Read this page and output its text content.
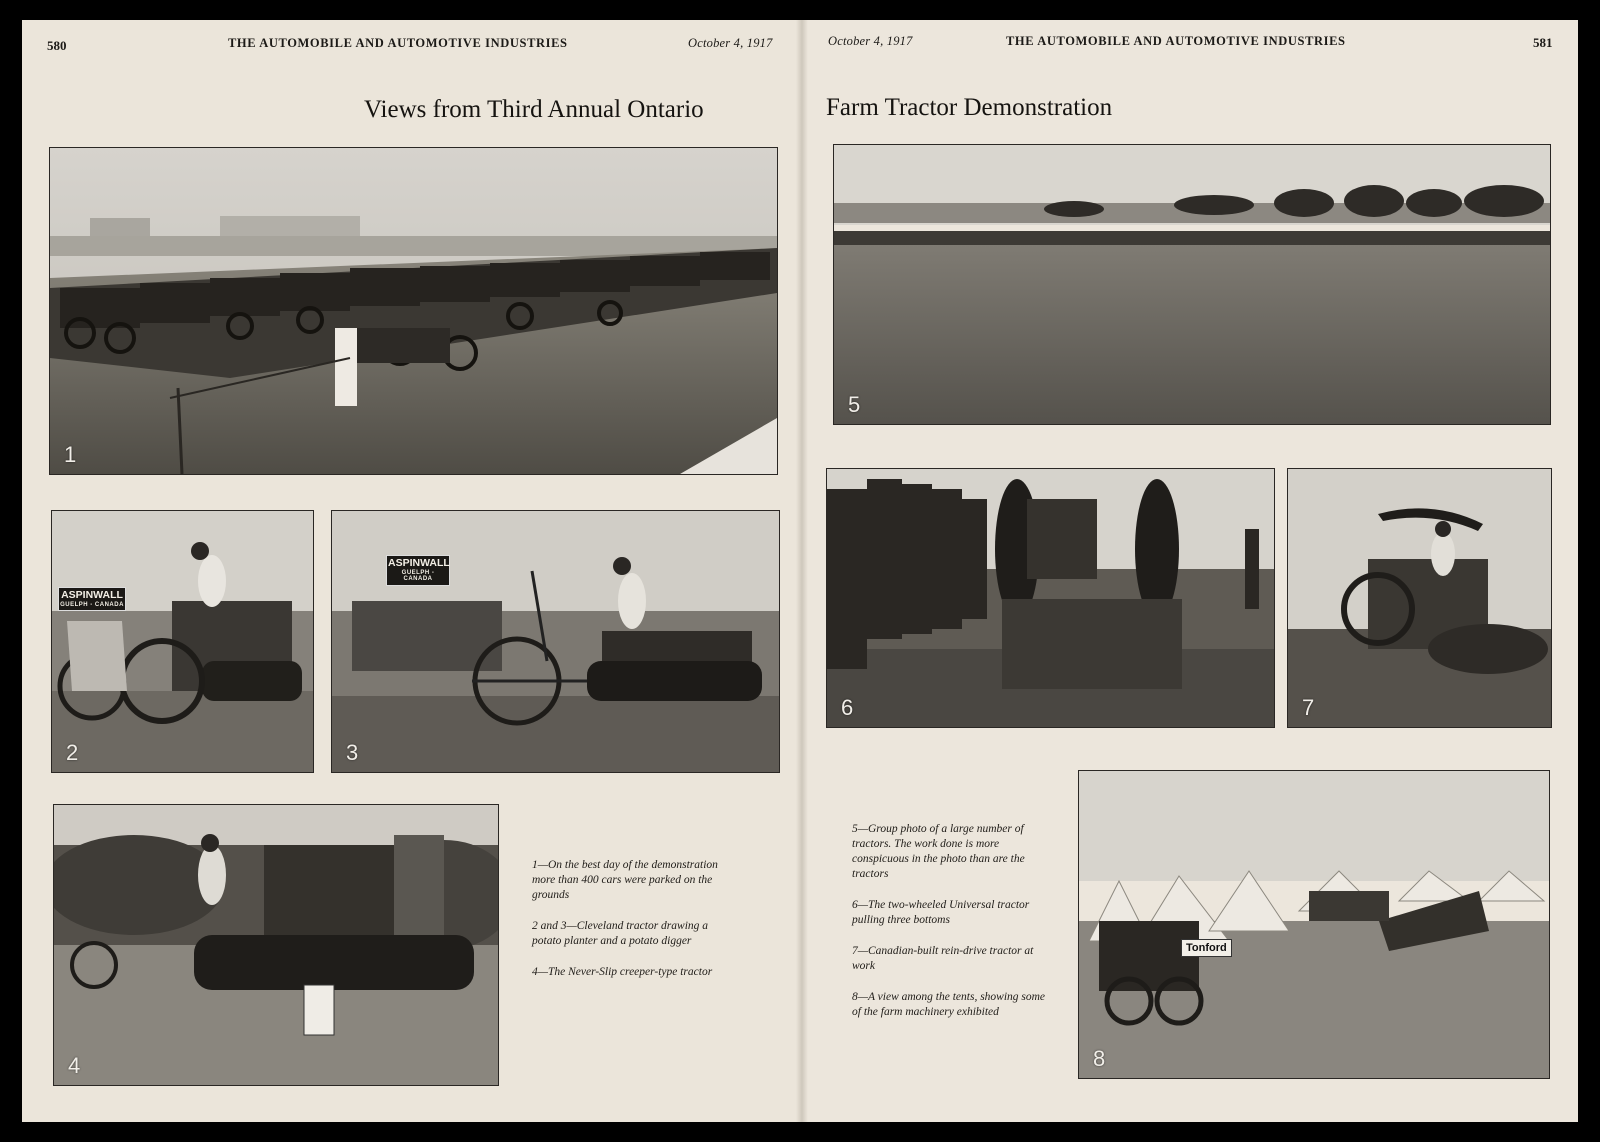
580	THE AUTOMOBILE AND AUTOMOTIVE INDUSTRIES	October 4, 1917	October 4, 1917	THE AUTOMOBILE AND AUTOMOTIVE INDUSTRIES	581
Views from Third Annual Ontario	Farm Tractor Demonstration
1
ASPINWALL
GUELPH - CANADA
2
ASPINWALL
GUELPH - CANADA
3
4

1—On the best day of the demonstration more than 400 cars were parked on the grounds

2 and 3—Cleveland tractor drawing a potato planter and a potato digger

4—The Never-Slip creeper-type tractor

5
6	7
Tonford
8

5—Group photo of a large number of tractors. The work done is more conspicuous in the photo than are the tractors

6—The two-wheeled Universal tractor pulling three bottoms

7—Canadian-built rein-drive tractor at work

8—A view among the tents, showing some of the farm machinery exhibited
